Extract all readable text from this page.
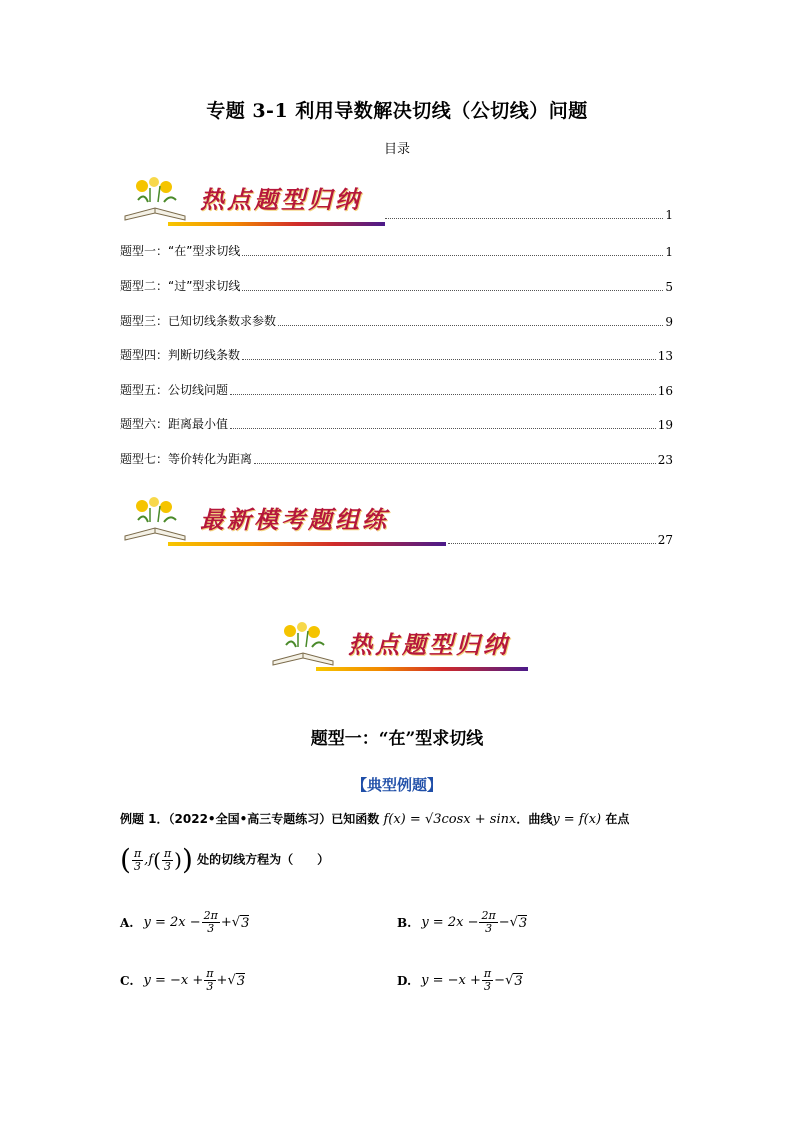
专题 3-1 利用导数解决切线（公切线）问题
目录
热点题型归纳
1
题型一：“在”型求切线	1
题型二：“过”型求切线	5
题型三：已知切线条数求参数	9
题型四：判断切线条数	13
题型五：公切线问题	16
题型六：距离最小值	19
题型七：等价转化为距离	23
最新模考题组练
27
热点题型归纳
题型一：“在”型求切线
【典型例题】
例题 1．（2022•全国•高三专题练习）已知函数 f(x) = √3cosx + sinx．曲线y = f(x) 在点
( $\frac{\pi}{3} ,f( \frac{\pi}{3}$ )) 处的切线方程为（　　）
A. $y = 2x - \frac{2\pi}{3}$ + √ 3	B. $y = 2x - \frac{2\pi}{3}$ − √ 3
C. $y = -x + \frac{\pi}{3}$ + √ 3	D. $y = -x + \frac{\pi}{3}$ − √ 3
